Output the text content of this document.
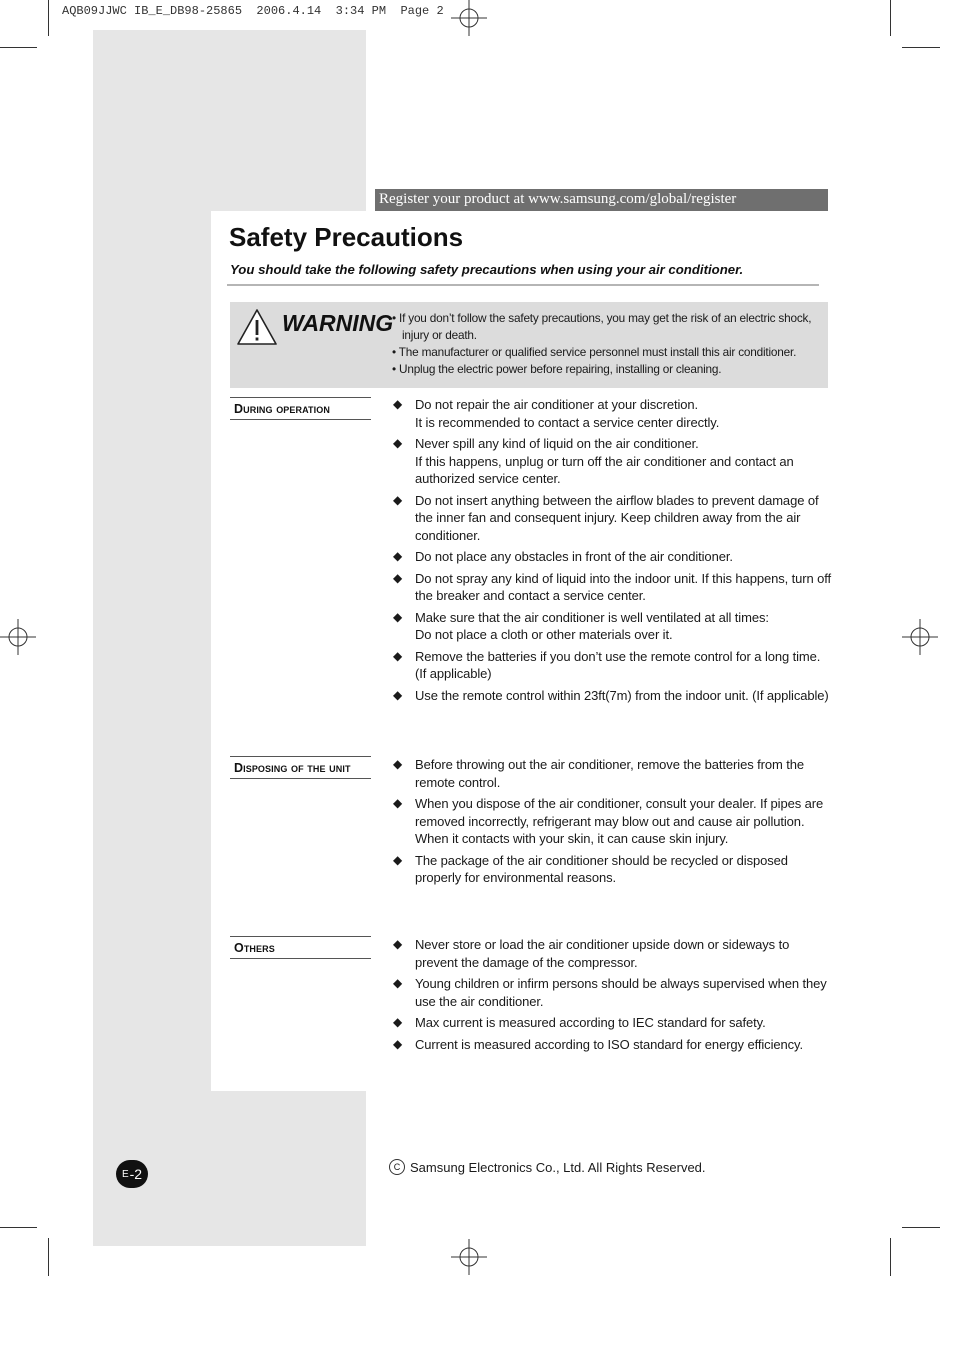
AQB09JJWC IB_E_DB98-25865  2006.4.14  3:34 PM  Page 2
Register your product at www.samsung.com/global/register
Safety Precautions
You should take the following safety precautions when using your air conditioner.
WARNING
• If you don’t follow the safety precautions, you may get the risk of an electric shock, injury or death.
• The manufacturer or qualified service personnel must install this air conditioner.
• Unplug the electric power before repairing, installing or cleaning.
During operation	◆ Do not repair the air conditioner at your discretion.
It is recommended to contact a service center directly.
◆ Never spill any kind of liquid on the air conditioner.
If this happens, unplug or turn off the air conditioner and contact an authorized service center.
◆ Do not insert anything between the airflow blades to prevent damage of the inner fan and consequent injury. Keep children away from the air conditioner.
◆ Do not place any obstacles in front of the air conditioner.
◆ Do not spray any kind of liquid into the indoor unit. If this happens, turn off the breaker and contact a service center.
◆ Make sure that the air conditioner is well ventilated at all times:
Do not place a cloth or other materials over it.
◆ Remove the batteries if you don’t use the remote control for a long time. (If applicable)
◆ Use the remote control within 23ft(7m) from the indoor unit. (If applicable)
Disposing of the unit	◆ Before throwing out the air conditioner, remove the batteries from the remote control.
◆ When you dispose of the air conditioner, consult your dealer. If pipes are removed incorrectly, refrigerant may blow out and cause air pollution. When it contacts with your skin, it can cause skin injury.
◆ The package of the air conditioner should be recycled or disposed properly for environmental reasons.
Others	◆ Never store or load the air conditioner upside down or sideways to prevent the damage of the compressor.
◆ Young children or infirm persons should be always supervised when they use the air conditioner.
◆ Max current is measured according to IEC standard for safety.
◆ Current is measured according to ISO standard for energy efficiency.
C Samsung Electronics Co., Ltd. All Rights Reserved.
E -2
